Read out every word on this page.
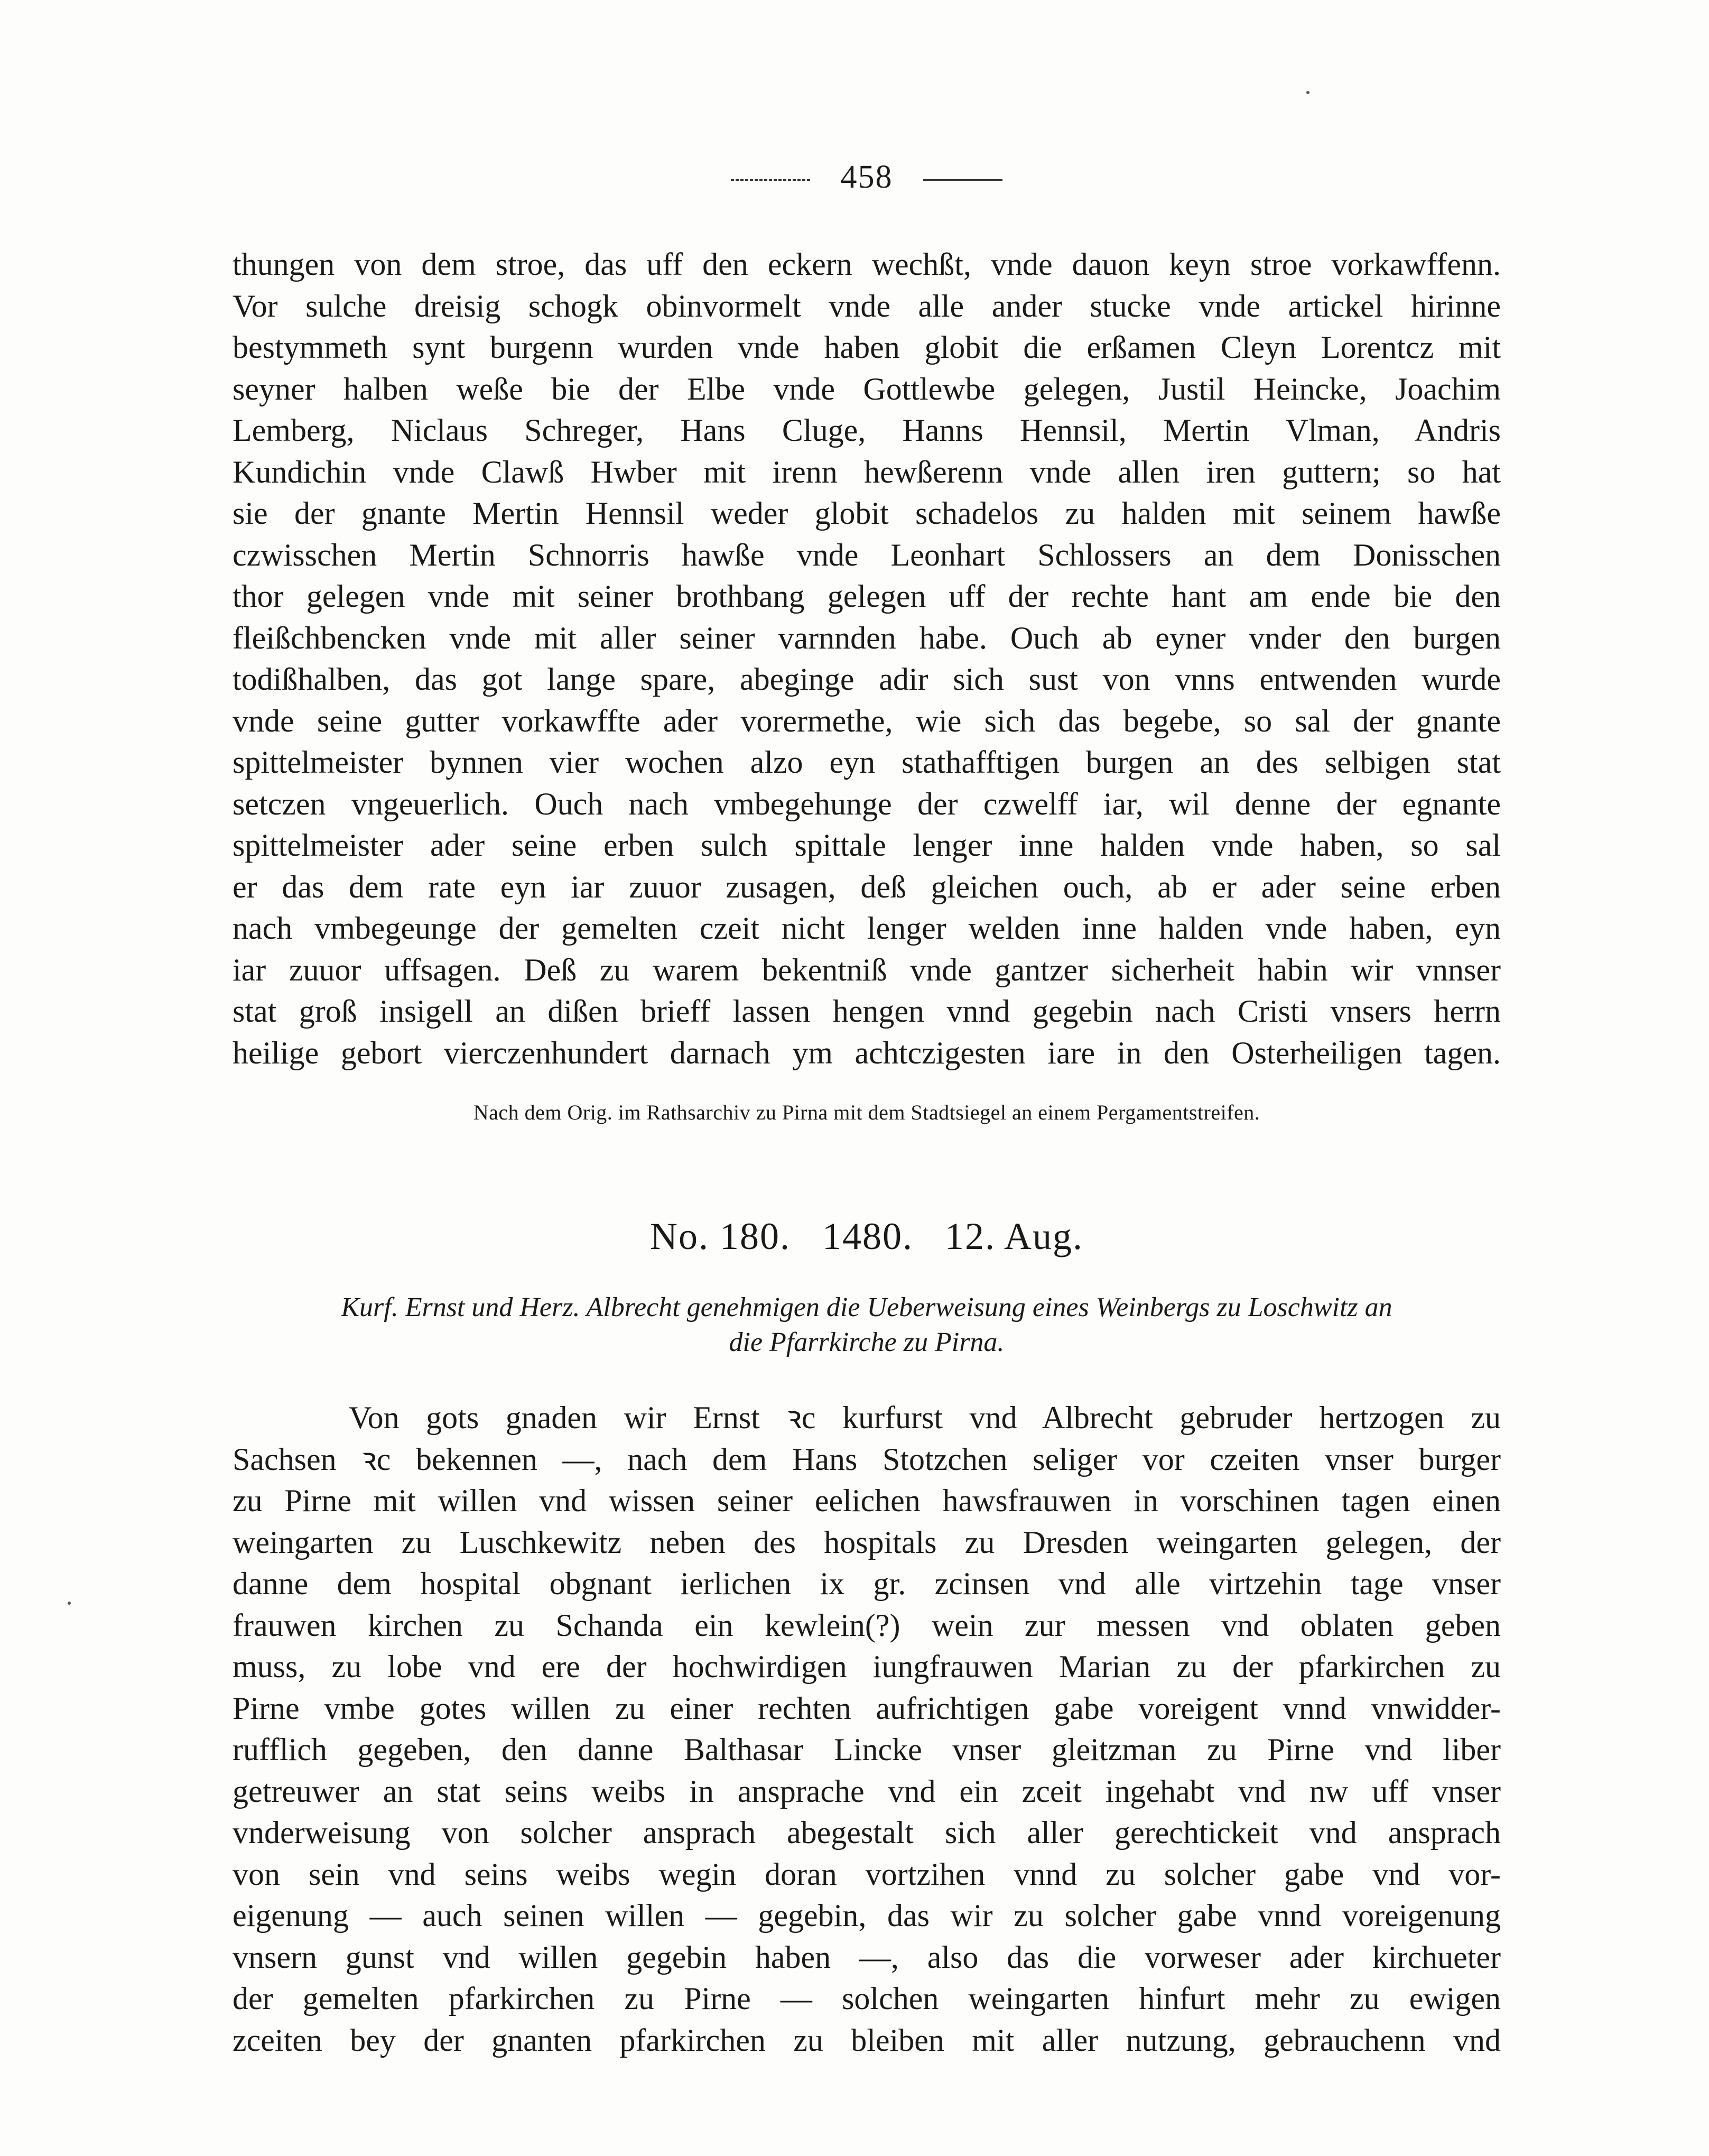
458

thungen von dem stroe, das uff den eckern wechßt, vnde dauon keyn stroe vorkawffenn.

Vor sulche dreisig schogk obinvormelt vnde alle ander stucke vnde artickel hirinne

bestymmeth synt burgenn wurden vnde haben globit die erßamen Cleyn Lorentcz mit

seyner halben weße bie der Elbe vnde Gottlewbe gelegen, Justil Heincke, Joachim

Lemberg, Niclaus Schreger, Hans Cluge, Hanns Hennsil, Mertin Vlman, Andris

Kundichin vnde Clawß Hwber mit irenn hewßerenn vnde allen iren guttern; so hat

sie der gnante Mertin Hennsil weder globit schadelos zu halden mit seinem hawße

czwisschen Mertin Schnorris hawße vnde Leonhart Schlossers an dem Donisschen

thor gelegen vnde mit seiner brothbang gelegen uff der rechte hant am ende bie den

fleißchbencken vnde mit aller seiner varnnden habe. Ouch ab eyner vnder den burgen

todißhalben, das got lange spare, abeginge adir sich sust von vnns entwenden wurde

vnde seine gutter vorkawffte ader vorermethe, wie sich das begebe, so sal der gnante

spittelmeister bynnen vier wochen alzo eyn stathafftigen burgen an des selbigen stat

setczen vngeuerlich. Ouch nach vmbegehunge der czwelff iar, wil denne der egnante

spittelmeister ader seine erben sulch spittale lenger inne halden vnde haben, so sal

er das dem rate eyn iar zuuor zusagen, deß gleichen ouch, ab er ader seine erben

nach vmbegeunge der gemelten czeit nicht lenger welden inne halden vnde haben, eyn

iar zuuor uffsagen. Deß zu warem bekentniß vnde gantzer sicherheit habin wir vnnser

stat groß insigell an dißen brieff lassen hengen vnnd gegebin nach Cristi vnsers herrn

heilige gebort vierczenhundert darnach ym achtczigesten iare in den Osterheiligen tagen.

Nach dem Orig. im Rathsarchiv zu Pirna mit dem Stadtsiegel an einem Pergamentstreifen.
No. 180.   1480.   12. Aug.
Kurf. Ernst und Herz. Albrecht genehmigen die Ueberweisung eines Weinbergs zu Loschwitz an
die Pfarrkirche zu Pirna.

Von gots gnaden wir Ernst ꝛc kurfurst vnd Albrecht gebruder hertzogen zu

Sachsen ꝛc bekennen —, nach dem Hans Stotzchen seliger vor czeiten vnser burger

zu Pirne mit willen vnd wissen seiner eelichen hawsfrauwen in vorschinen tagen einen

weingarten zu Luschkewitz neben des hospitals zu Dresden weingarten gelegen, der

danne dem hospital obgnant ierlichen ix gr. zcinsen vnd alle virtzehin tage vnser

frauwen kirchen zu Schanda ein kewlein(?) wein zur messen vnd oblaten geben

muss, zu lobe vnd ere der hochwirdigen iungfrauwen Marian zu der pfarkirchen zu

Pirne vmbe gotes willen zu einer rechten aufrichtigen gabe voreigent vnnd vnwidder-

rufflich gegeben, den danne Balthasar Lincke vnser gleitzman zu Pirne vnd liber

getreuwer an stat seins weibs in ansprache vnd ein zceit ingehabt vnd nw uff vnser

vnderweisung von solcher ansprach abegestalt sich aller gerechtickeit vnd ansprach

von sein vnd seins weibs wegin doran vortzihen vnnd zu solcher gabe vnd vor-

eigenung — auch seinen willen — gegebin, das wir zu solcher gabe vnnd voreigenung

vnsern gunst vnd willen gegebin haben —, also das die vorweser ader kirchueter

der gemelten pfarkirchen zu Pirne — solchen weingarten hinfurt mehr zu ewigen

zceiten bey der gnanten pfarkirchen zu bleiben mit aller nutzung, gebrauchenn vnd
